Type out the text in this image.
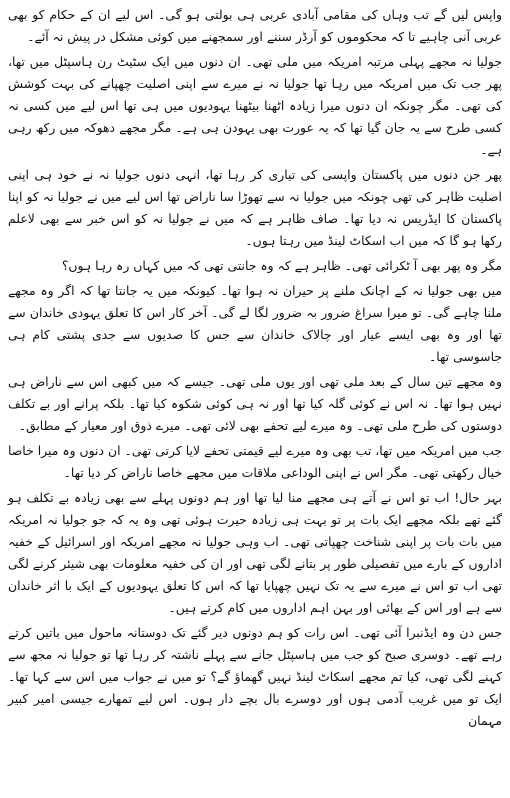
واپس لیں گے تب وہاں کی مقامی آبادی عربی ہی بولتی ہو گی۔ اس لیے ان کے حکام کو بھی عربی آنی چاہیے تا کہ محکوموں کو آرڈر سننے اور سمجھنے میں کوئی مشکل در پیش نہ آئے۔

جولیا نہ مجھے پہلی مرتبہ امریکہ میں ملی تھی۔ ان دنوں میں ایک سٹیٹ رن ہاسپٹل میں تھا، پھر جب تک میں امریکہ میں رہا تھا جولیا نہ نے میرے سے اپنی اصلیت چھپانے کی بہت کوشش کی تھی۔ مگر چونکہ ان دنوں میرا زیادہ اٹھنا بیٹھنا یہودیوں میں ہی تھا اس لیے میں کسی نہ کسی طرح سے یہ جان گیا تھا کہ یہ عورت بھی یہودن ہی ہے۔ مگر مجھے دھوکہ میں رکھ رہی ہے۔

پھر جن دنوں میں پاکستان واپسی کی تیاری کر رہا تھا، انہی دنوں جولیا نہ نے خود ہی اپنی اصلیت ظاہر کی تھی چونکہ میں جولیا نہ سے تھوڑا سا ناراض تھا اس لیے میں نے جولیا نہ کو اپنا پاکستان کا ایڈریس نہ دیا تھا۔ صاف ظاہر ہے کہ میں نے جولیا نہ کو اس خبر سے بھی لاعلم رکھا ہو گا کہ میں اب اسکاٹ لینڈ میں رہتا ہوں۔

مگر وہ پھر بھی آ ٹکرائی تھی۔ ظاہر ہے کہ وہ جانتی تھی کہ میں کہاں رہ رہا ہوں؟

میں بھی جولیا نہ کے اچانک ملنے پر حیران نہ ہوا تھا۔ کیونکہ میں یہ جانتا تھا کہ اگر وہ مجھے ملنا چاہے گی۔ تو میرا سراغ ضرور بہ ضرور لگا لے گی۔ آخر کار اس کا تعلق یہودی خاندان سے تھا اور وہ بھی ایسے عیار اور چالاک خاندان سے جس کا صدیوں سے جدی پشتی کام ہی جاسوسی تھا۔

وہ مجھے تین سال کے بعد ملی تھی اور یوں ملی تھی۔ جیسے کہ میں کبھی اس سے ناراض ہی نہیں ہوا تھا۔ نہ اس نے کوئی گلہ کیا تھا اور نہ ہی کوئی شکوہ کیا تھا۔ بلکہ پرانے اور بے تکلف دوستوں کی طرح ملی تھی۔ وہ میرے لیے تحفے بھی لائی تھی۔ میرے ذوق اور معیار کے مطابق۔

جب میں امریکہ میں تھا، تب بھی وہ میرے لیے قیمتی تحفے لایا کرتی تھی۔ ان دنوں وہ میرا خاصا خیال رکھتی تھی۔ مگر اس نے اپنی الوداعی ملاقات میں مجھے خاصا ناراض کر دیا تھا۔

بہر حال! اب تو اس نے آتے ہی مجھے منا لیا تھا اور ہم دونوں پہلے سے بھی زیادہ بے تکلف ہو گئے تھے بلکہ مجھے ایک بات پر تو بہت ہی زیادہ حیرت ہوئی تھی وہ یہ کہ جو جولیا نہ امریکہ میں بات بات پر اپنی شناخت چھپاتی تھی۔ اب وہی جولیا نہ مجھے امریکہ اور اسرائیل کے خفیہ اداروں کے بارے میں تفصیلی طور پر بتانے لگی تھی اور ان کی خفیہ معلومات بھی شیئر کرنے لگی تھی اب تو اس نے میرے سے یہ تک نہیں چھپایا تھا کہ اس کا تعلق یہودیوں کے ایک با اثر خاندان سے ہے اور اس کے بھائی اور بہن اہم اداروں میں کام کرتے ہیں۔

جس دن وہ ایڈنبرا آئی تھی۔ اس رات کو ہم دونوں دیر گئے تک دوستانہ ماحول میں باتیں کرتے رہے تھے۔ دوسری صبح کو جب میں ہاسپٹل جانے سے پہلے ناشتہ کر رہا تھا تو جولیا نہ مجھ سے کہنے لگی تھی، کیا تم مجھے اسکاٹ لینڈ نہیں گھماؤ گے؟ تو میں نے جواب میں اس سے کہا تھا۔ ایک تو میں غریب آدمی ہوں اور دوسرے بال بچے دار ہوں۔ اس لیے تمھارے جیسی امیر کبیر مہمان
